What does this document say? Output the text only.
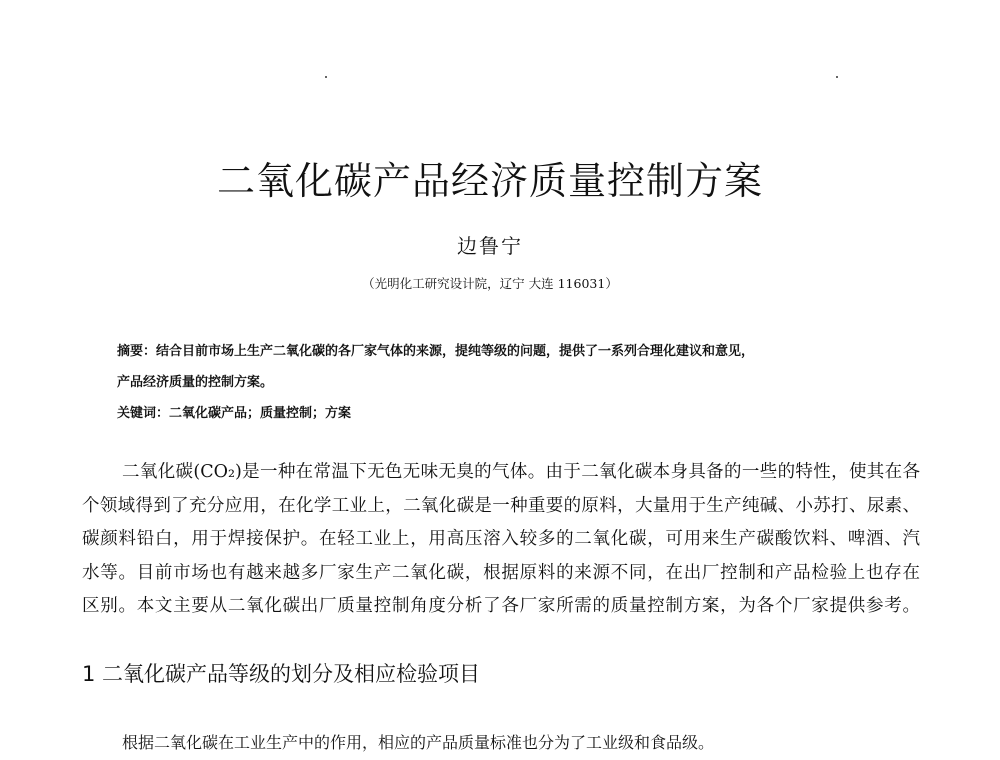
二氧化碳产品经济质量控制方案
边鲁宁
（光明化工研究设计院，辽宁 大连 116031）
摘要：结合目前市场上生产二氧化碳的各厂家气体的来源，提纯等级的问题，提供了一系列合理化建议和意见，
产品经济质量的控制方案。
关键词：二氧化碳产品；质量控制；方案
二氧化碳(CO₂)是一种在常温下无色无味无臭的气体。由于二氧化碳本身具备的一些的特性，使其在各
个领域得到了充分应用，在化学工业上，二氧化碳是一种重要的原料，大量用于生产纯碱、小苏打、尿素、
碳颜料铅白，用于焊接保护。在轻工业上，用高压溶入较多的二氧化碳，可用来生产碳酸饮料、啤酒、汽
水等。目前市场也有越来越多厂家生产二氧化碳，根据原料的来源不同，在出厂控制和产品检验上也存在
区别。本文主要从二氧化碳出厂质量控制角度分析了各厂家所需的质量控制方案，为各个厂家提供参考。
1 二氧化碳产品等级的划分及相应检验项目
根据二氧化碳在工业生产中的作用，相应的产品质量标准也分为了工业级和食品级。
